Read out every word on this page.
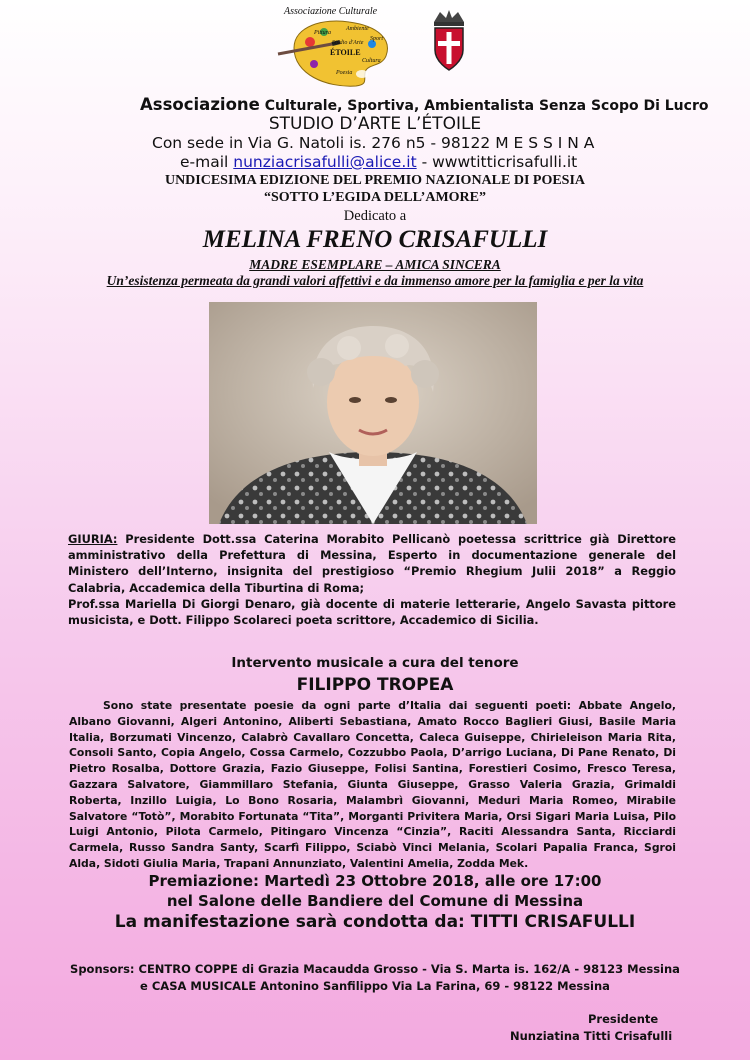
Associazione Culturale
Pittura
Ambiente
Studio d'Arte
ÉTOILE
Sport
Cultura
Poesia
Associazione Culturale, Sportiva, Ambientalista Senza Scopo Di Lucro
STUDIO D’ARTE L’ÉTOILE
Con sede in Via G. Natoli is. 276 n5 - 98122 M E S S I N A
e-mail nunziacrisafulli@alice.it - wwwtitticrisafulli.it
UNDICESIMA EDIZIONE DEL PREMIO NAZIONALE DI POESIA
“SOTTO L’EGIDA DELL’AMORE”
Dedicato a
MELINA FRENO CRISAFULLI
MADRE ESEMPLARE – AMICA SINCERA
Un’esistenza permeata da grandi valori affettivi e da immenso amore per la famiglia e per la vita

GIURIA: Presidente Dott.ssa Caterina Morabito Pellicanò poetessa scrittrice già Direttore amministrativo della Prefettura di Messina, Esperto in documentazione generale del Ministero dell’Interno, insignita del prestigioso “Premio Rhegium Julii 2018” a Reggio Calabria, Accademica della Tiburtina di Roma;

Prof.ssa Mariella Di Giorgi Denaro, già docente di materie letterarie, Angelo Savasta pittore musicista, e Dott. Filippo Scolareci poeta scrittore, Accademico di Sicilia.

Intervento musicale a cura del tenore
FILIPPO TROPEA
Sono state presentate poesie da ogni parte d’Italia dai seguenti poeti: Abbate Angelo, Albano Giovanni, Algeri Antonino, Aliberti Sebastiana, Amato Rocco Baglieri Giusi, Basile Maria Italia, Borzumati Vincenzo, Calabrò Cavallaro Concetta, Caleca Guiseppe, Chirieleison Maria Rita, Consoli Santo, Copia Angelo, Cossa Carmelo, Cozzubbo Paola, D’arrigo Luciana, Di Pane Renato, Di Pietro Rosalba, Dottore Grazia, Fazio Giuseppe, Folisi Santina, Forestieri Cosimo, Fresco Teresa, Gazzara Salvatore, Giammillaro Stefania, Giunta Giuseppe, Grasso Valeria Grazia, Grimaldi Roberta, Inzillo Luigia, Lo Bono Rosaria, Malambrì Giovanni, Meduri Maria Romeo, Mirabile Salvatore “Totò”, Morabito Fortunata “Tita”, Morganti Privitera Maria, Orsi Sigari Maria Luisa, Pilo Luigi Antonio, Pilota Carmelo, Pitingaro Vincenza “Cinzia”, Raciti Alessandra Santa, Ricciardi Carmela, Russo Sandra Santy, Scarfì Filippo, Sciabò Vinci Melania, Scolari Papalia Franca, Sgroi Alda, Sidoti Giulia Maria, Trapani Annunziato, Valentini Amelia, Zodda Mek.
Premiazione: Martedì 23 Ottobre 2018, alle ore 17:00
nel Salone delle Bandiere del Comune di Messina
La manifestazione sarà condotta da: TITTI CRISAFULLI
Sponsors: CENTRO COPPE di Grazia Macaudda Grosso - Via S. Marta is. 162/A - 98123 Messina
e CASA MUSICALE Antonino Sanfilippo Via La Farina, 69 - 98122 Messina
Presidente
Nunziatina Titti Crisafulli
